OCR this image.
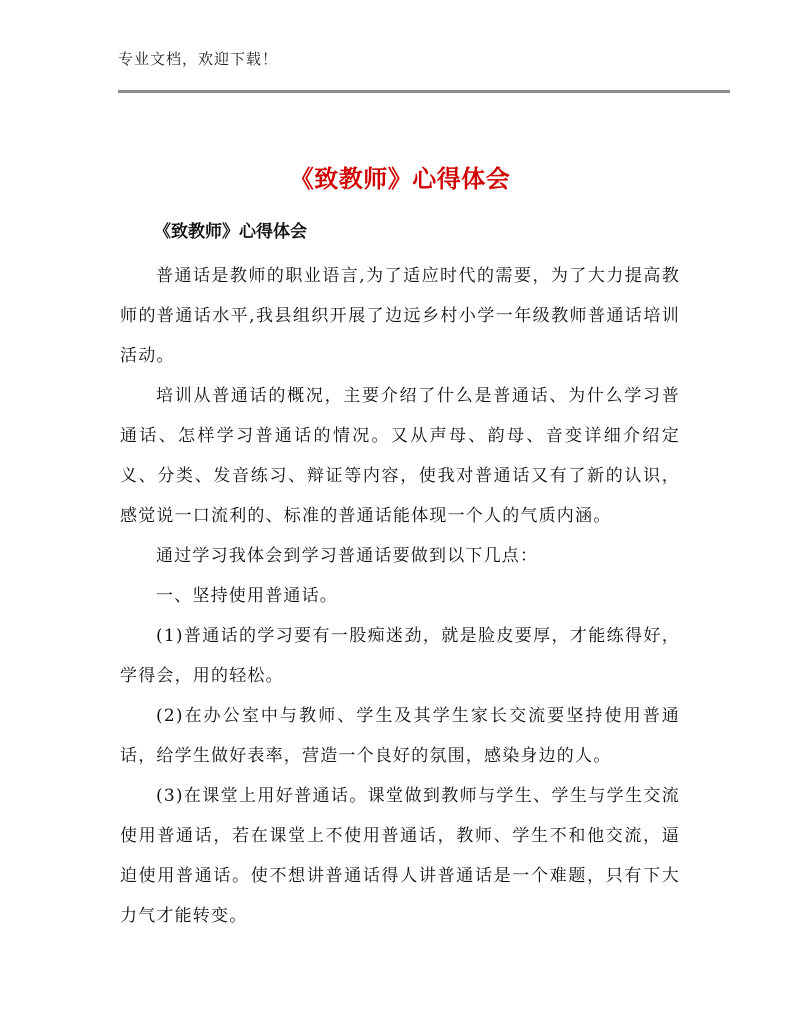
专业文档，欢迎下载！
《致教师》心得体会

《致教师》心得体会

普通话是教师的职业语言,为了适应时代的需要，为了大力提高教师的普通话水平,我县组织开展了边远乡村小学一年级教师普通话培训活动。

培训从普通话的概况，主要介绍了什么是普通话、为什么学习普通话、怎样学习普通话的情况。又从声母、韵母、音变详细介绍定义、分类、发音练习、辩证等内容，使我对普通话又有了新的认识，感觉说一口流利的、标准的普通话能体现一个人的气质内涵。

通过学习我体会到学习普通话要做到以下几点：

一、坚持使用普通话。

(1)普通话的学习要有一股痴迷劲，就是脸皮要厚，才能练得好，学得会，用的轻松。

(2)在办公室中与教师、学生及其学生家长交流要坚持使用普通话，给学生做好表率，营造一个良好的氛围，感染身边的人。

(3)在课堂上用好普通话。课堂做到教师与学生、学生与学生交流使用普通话，若在课堂上不使用普通话，教师、学生不和他交流，逼迫使用普通话。使不想讲普通话得人讲普通话是一个难题，只有下大力气才能转变。
